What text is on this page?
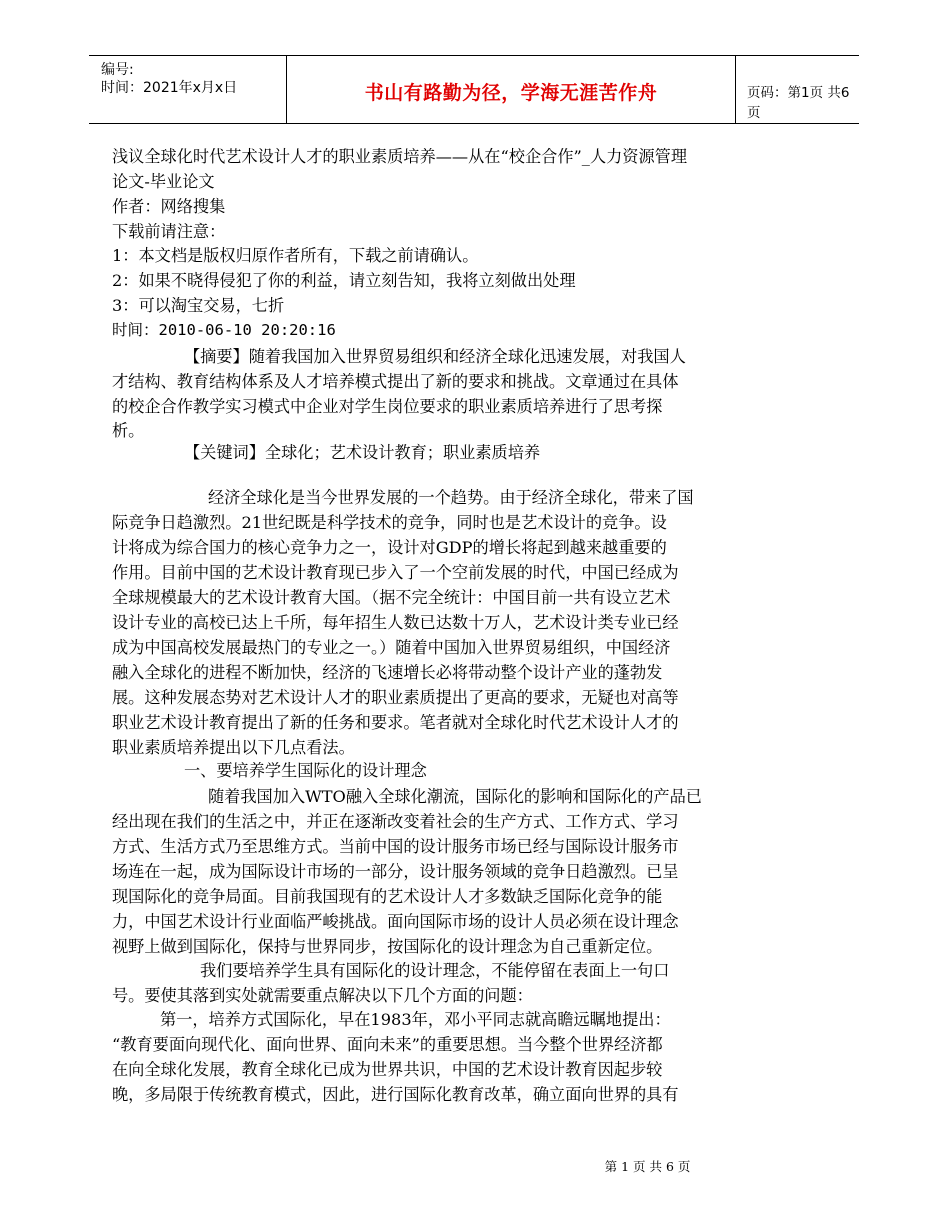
编号:
时间：2021年x月x日	书山有路勤为径，学海无涯苦作舟	页码：第1页 共6页
浅议全球化时代艺术设计人才的职业素质培养——从在“校企合作”_人力资源管理
论文-毕业论文
作者：网络搜集
下载前请注意：
1：本文档是版权归原作者所有，下载之前请确认。
2：如果不晓得侵犯了你的利益，请立刻告知，我将立刻做出处理
3：可以淘宝交易，七折
时间：2010-06-10 20:20:16
【摘要】随着我国加入世界贸易组织和经济全球化迅速发展，对我国人
才结构、教育结构体系及人才培养模式提出了新的要求和挑战。文章通过在具体
的校企合作教学实习模式中企业对学生岗位要求的职业素质培养进行了思考探
析。
【关键词】全球化；艺术设计教育；职业素质培养
经济全球化是当今世界发展的一个趋势。由于经济全球化，带来了国
际竞争日趋激烈。21世纪既是科学技术的竞争，同时也是艺术设计的竞争。设
计将成为综合国力的核心竞争力之一，设计对GDP的增长将起到越来越重要的
作用。目前中国的艺术设计教育现已步入了一个空前发展的时代，中国已经成为
全球规模最大的艺术设计教育大国。（据不完全统计：中国目前一共有设立艺术
设计专业的高校已达上千所，每年招生人数已达数十万人，艺术设计类专业已经
成为中国高校发展最热门的专业之一。）随着中国加入世界贸易组织，中国经济
融入全球化的进程不断加快，经济的飞速增长必将带动整个设计产业的蓬勃发
展。这种发展态势对艺术设计人才的职业素质提出了更高的要求，无疑也对高等
职业艺术设计教育提出了新的任务和要求。笔者就对全球化时代艺术设计人才的
职业素质培养提出以下几点看法。
一、要培养学生国际化的设计理念
随着我国加入WTO融入全球化潮流，国际化的影响和国际化的产品已
经出现在我们的生活之中，并正在逐渐改变着社会的生产方式、工作方式、学习
方式、生活方式乃至思维方式。当前中国的设计服务市场已经与国际设计服务市
场连在一起，成为国际设计市场的一部分，设计服务领域的竞争日趋激烈。已呈
现国际化的竞争局面。目前我国现有的艺术设计人才多数缺乏国际化竞争的能
力，中国艺术设计行业面临严峻挑战。面向国际市场的设计人员必须在设计理念
视野上做到国际化，保持与世界同步，按国际化的设计理念为自己重新定位。
我们要培养学生具有国际化的设计理念，不能停留在表面上一句口
号。要使其落到实处就需要重点解决以下几个方面的问题：
第一，培养方式国际化，早在1983年，邓小平同志就高瞻远瞩地提出：
“教育要面向现代化、面向世界、面向未来”的重要思想。当今整个世界经济都
在向全球化发展，教育全球化已成为世界共识，中国的艺术设计教育因起步较
晚，多局限于传统教育模式，因此，进行国际化教育改革，确立面向世界的具有
第 1 页 共 6 页
